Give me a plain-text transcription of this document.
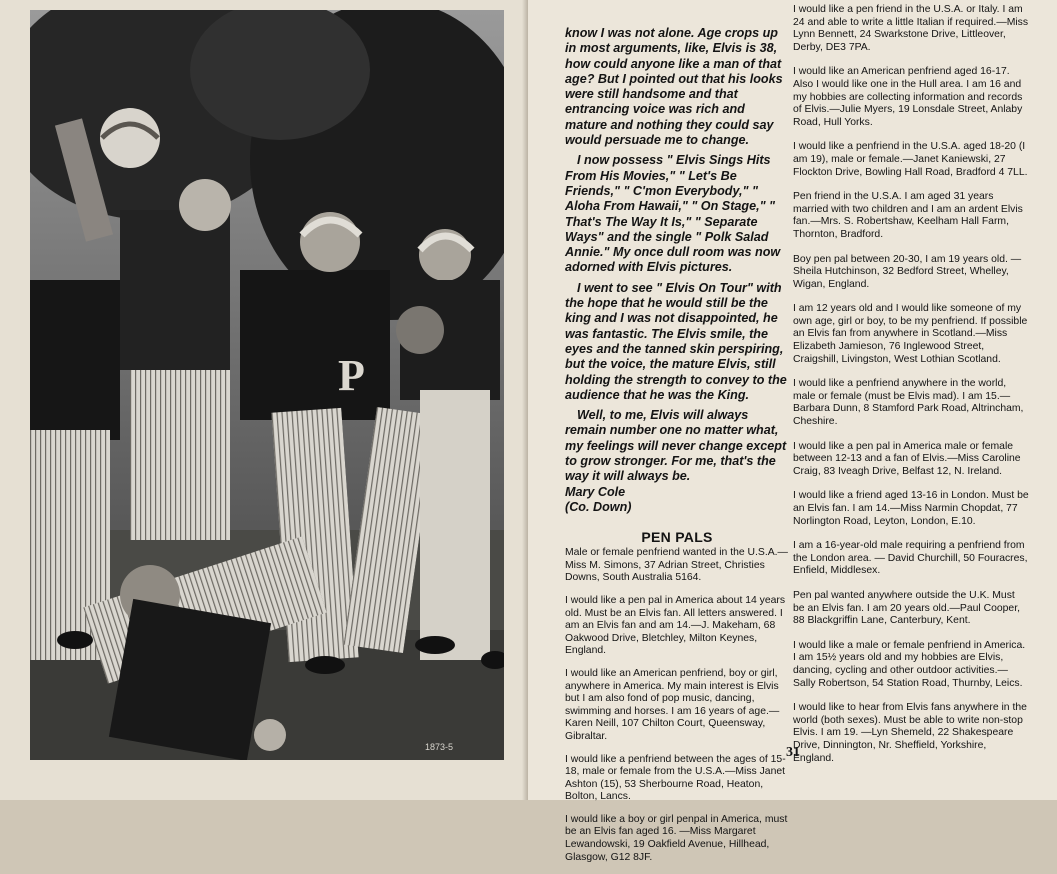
P
1873-5

know I was not alone. Age crops up in most arguments, like, Elvis is 38, how could anyone like a man of that age? But I pointed out that his looks were still handsome and that entrancing voice was rich and mature and nothing they could say would persuade me to change.

I now possess " Elvis Sings Hits From His Movies," " Let's Be Friends," " C'mon Everybody," " Aloha From Hawaii," " On Stage," " That's The Way It Is," " Separate Ways" and the single " Polk Salad Annie." My once dull room was now adorned with Elvis pictures.

I went to see " Elvis On Tour" with the hope that he would still be the king and I was not disappointed, he was fantastic. The Elvis smile, the eyes and the tanned skin perspiring, but the voice, the mature Elvis, still holding the strength to convey to the audience that he was the King.

Well, to me, Elvis will always remain number one no matter what, my feelings will never change except to grow stronger. For me, that's the way it will always be.

Mary Cole
(Co. Down)
PEN PALS

Male or female penfriend wanted in the U.S.A.—Miss M. Simons, 37 Adrian Street, Christies Downs, South Australia 5164.

I would like a pen pal in America about 14 years old. Must be an Elvis fan. All letters answered. I am an Elvis fan and am 14.—J. Makeham, 68 Oakwood Drive, Bletchley, Milton Keynes, England.

I would like an American penfriend, boy or girl, anywhere in America. My main interest is Elvis but I am also fond of pop music, dancing, swimming and horses. I am 16 years of age.—Karen Neill, 107 Chilton Court, Queensway, Gibraltar.

I would like a penfriend between the ages of 15-18, male or female from the U.S.A.—Miss Janet Ashton (15), 53 Sherbourne Road, Heaton, Bolton, Lancs.

I would like a boy or girl penpal in America, must be an Elvis fan aged 16. —Miss Margaret Lewandowski, 19 Oakfield Avenue, Hillhead, Glasgow, G12 8JF.

I would like a pen friend in the U.S.A. or Italy. I am 24 and able to write a little Italian if required.—Miss Lynn Bennett, 24 Swarkstone Drive, Littleover, Derby, DE3 7PA.

I would like an American penfriend aged 16-17. Also I would like one in the Hull area. I am 16 and my hobbies are collecting information and records of Elvis.—Julie Myers, 19 Lonsdale Street, Anlaby Road, Hull Yorks.

I would like a penfriend in the U.S.A. aged 18-20 (I am 19), male or female.—Janet Kaniewski, 27 Flockton Drive, Bowling Hall Road, Bradford 4 7LL.

Pen friend in the U.S.A. I am aged 31 years married with two children and I am an ardent Elvis fan.—Mrs. S. Robertshaw, Keelham Hall Farm, Thornton, Bradford.

Boy pen pal between 20-30, I am 19 years old. — Sheila Hutchinson, 32 Bedford Street, Whelley, Wigan, England.

I am 12 years old and I would like someone of my own age, girl or boy, to be my penfriend. If possible an Elvis fan from anywhere in Scotland.—Miss Elizabeth Jamieson, 76 Inglewood Street, Craigshill, Livingston, West Lothian Scotland.

I would like a penfriend anywhere in the world, male or female (must be Elvis mad). I am 15.—Barbara Dunn, 8 Stamford Park Road, Altrincham, Cheshire.

I would like a pen pal in America male or female between 12-13 and a fan of Elvis.—Miss Caroline Craig, 83 Iveagh Drive, Belfast 12, N. Ireland.

I would like a friend aged 13-16 in London. Must be an Elvis fan. I am 14.—Miss Narmin Chopdat, 77 Norlington Road, Leyton, London, E.10.

I am a 16-year-old male requiring a penfriend from the London area. — David Churchill, 50 Fouracres, Enfield, Middlesex.

Pen pal wanted anywhere outside the U.K. Must be an Elvis fan. I am 20 years old.—Paul Cooper, 88 Blackgriffin Lane, Canterbury, Kent.

I would like a male or female penfriend in America. I am 15½ years old and my hobbies are Elvis, dancing, cycling and other outdoor activities.—Sally Robertson, 54 Station Road, Thurnby, Leics.

I would like to hear from Elvis fans anywhere in the world (both sexes). Must be able to write non-stop Elvis. I am 19. —Lyn Shemeld, 22 Shakespeare Drive, Dinnington, Nr. Sheffield, Yorkshire, England.

31
